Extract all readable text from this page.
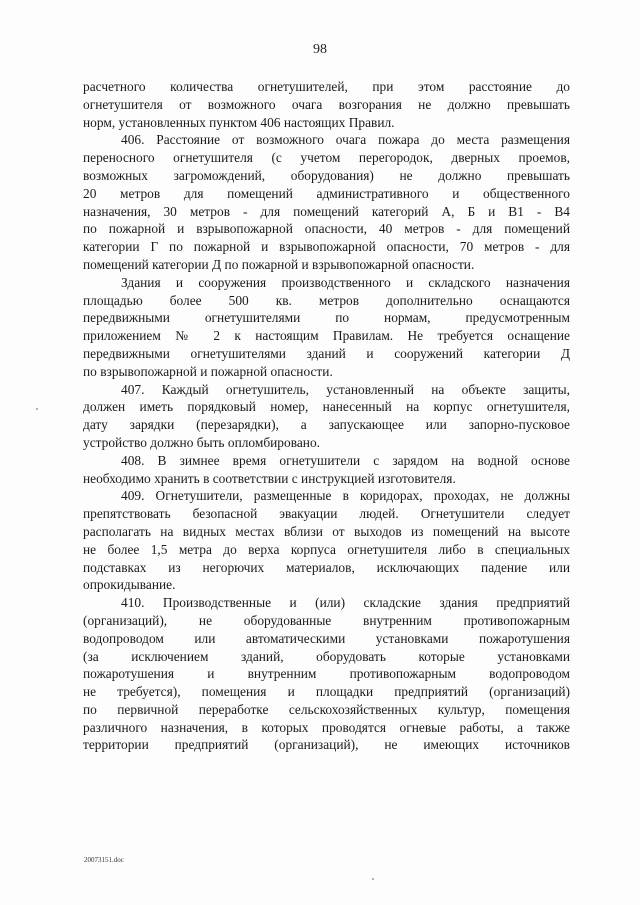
98
расчетного количества огнетушителей, при этом расстояние до
огнетушителя от возможного очага возгорания не должно превышать
норм, установленных пунктом 406 настоящих Правил.
406. Расстояние от возможного очага пожара до места размещения
переносного огнетушителя (с учетом перегородок, дверных проемов,
возможных загромождений, оборудования) не должно превышать
20 метров для помещений административного и общественного
назначения, 30 метров - для помещений категорий А, Б и В1 - В4
по пожарной и взрывопожарной опасности, 40 метров - для помещений
категории Г по пожарной и взрывопожарной опасности, 70 метров - для
помещений категории Д по пожарной и взрывопожарной опасности.
Здания и сооружения производственного и складского назначения
площадью более 500 кв. метров дополнительно оснащаются
передвижными огнетушителями по нормам, предусмотренным
приложением № 2 к настоящим Правилам. Не требуется оснащение
передвижными огнетушителями зданий и сооружений категории Д
по взрывопожарной и пожарной опасности.
407. Каждый огнетушитель, установленный на объекте защиты,
должен иметь порядковый номер, нанесенный на корпус огнетушителя,
дату зарядки (перезарядки), а запускающее или запорно-пусковое
устройство должно быть опломбировано.
408. В зимнее время огнетушители с зарядом на водной основе
необходимо хранить в соответствии с инструкцией изготовителя.
409. Огнетушители, размещенные в коридорах, проходах, не должны
препятствовать безопасной эвакуации людей. Огнетушители следует
располагать на видных местах вблизи от выходов из помещений на высоте
не более 1,5 метра до верха корпуса огнетушителя либо в специальных
подставках из негорючих материалов, исключающих падение или
опрокидывание.
410. Производственные и (или) складские здания предприятий
(организаций), не оборудованные внутренним противопожарным
водопроводом или автоматическими установками пожаротушения
(за исключением зданий, оборудовать которые установками
пожаротушения и внутренним противопожарным водопроводом
не требуется), помещения и площадки предприятий (организаций)
по первичной переработке сельскохозяйственных культур, помещения
различного назначения, в которых проводятся огневые работы, а также
территории предприятий (организаций), не имеющих источников
20073151.doc
